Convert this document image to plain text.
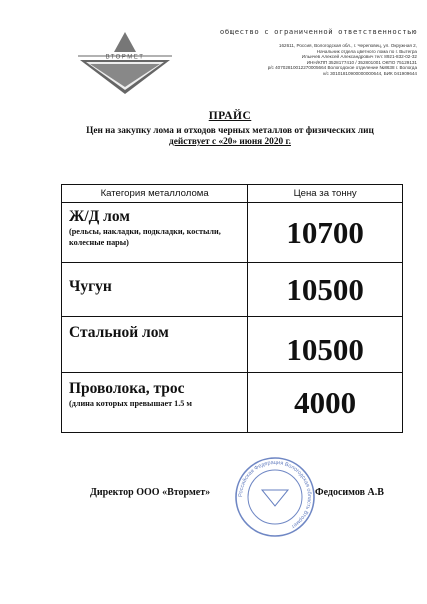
ВТОРМЕТ
общество с ограниченной ответственностью
162611, Россия, Вологодская обл., г. Череповец, ул. Окружная 2,
Начальник отдела цветного лома по г. Вытегра
Ильичев Алексей Александрович тел: 8921-832-02-32
ИНН/КПП 3528177410 / 352801001 ОКПО 75129131
р/с 40702810012270005664 Вологодское отделение №8638 г. Вологда
к/с 30101810900000000644, БИК 041909644
ПРАЙС
Цен на закупку лома и отходов черных металлов от физических лиц
действует с «20» июня 2020 г.
Категория металлолома	Цена за тонну

Ж/Д лом
(рельсы, накладки, подкладки, костыли, колесные пары)	10700

Чугун	10500

Стальной лом	10500

Проволока, трос
(длина которых превышает 1.5 м	4000
Российская Федерация Вологодская область Втормет
Директор ООО «Втормет»	Федосимов А.В
